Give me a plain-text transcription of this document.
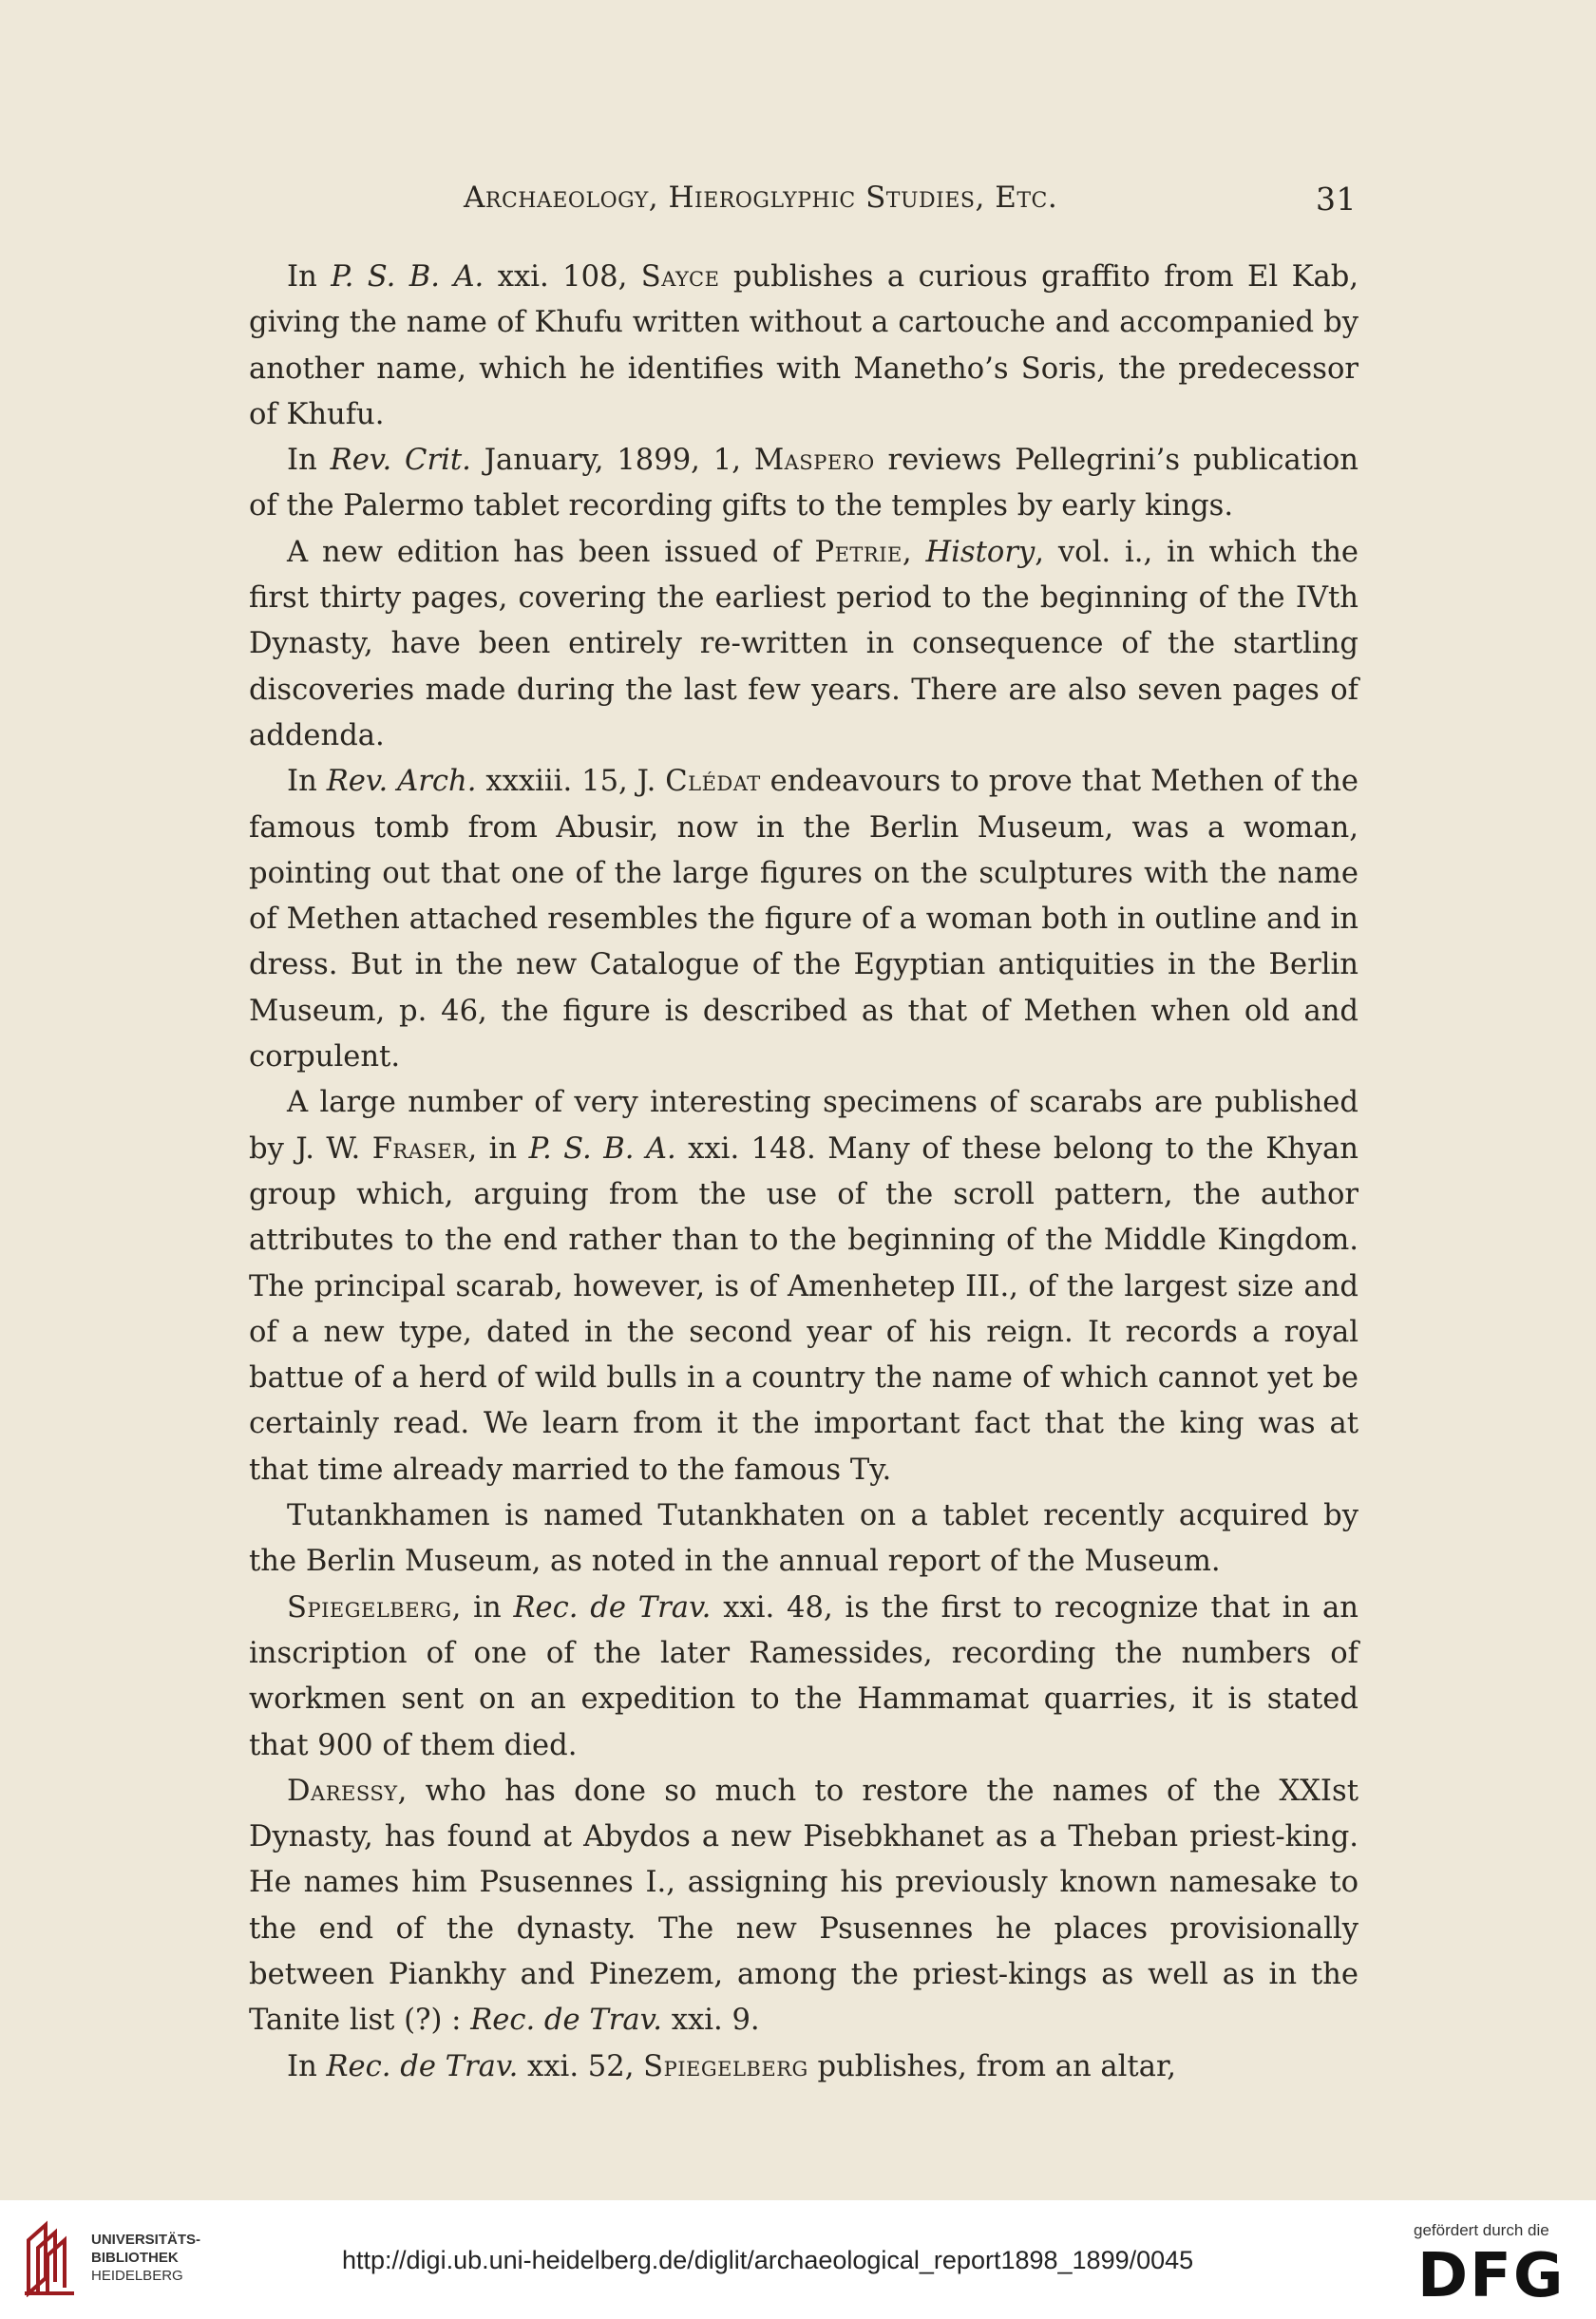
Archaeology, Hieroglyphic Studies, Etc.	31

In P. S. B. A. xxi. 108, Sayce publishes a curious graffito from El Kab, giving the name of Khufu written without a cartouche and accompanied by another name, which he identifies with Manetho’s Soris, the predecessor of Khufu.

In Rev. Crit. January, 1899, 1, Maspero reviews Pellegrini’s publication of the Palermo tablet recording gifts to the temples by early kings.

A new edition has been issued of Petrie, History, vol. i., in which the first thirty pages, covering the earliest period to the beginning of the IVth Dynasty, have been entirely re-written in consequence of the startling discoveries made during the last few years. There are also seven pages of addenda.

In Rev. Arch. xxxiii. 15, J. Clédat endeavours to prove that Methen of the famous tomb from Abusir, now in the Berlin Museum, was a woman, pointing out that one of the large figures on the sculptures with the name of Methen attached resembles the figure of a woman both in outline and in dress. But in the new Catalogue of the Egyptian antiquities in the Berlin Museum, p. 46, the figure is described as that of Methen when old and corpulent.

A large number of very interesting specimens of scarabs are published by J. W. Fraser, in P. S. B. A. xxi. 148. Many of these belong to the Khyan group which, arguing from the use of the scroll pattern, the author attributes to the end rather than to the beginning of the Middle Kingdom. The principal scarab, however, is of Amenhetep III., of the largest size and of a new type, dated in the second year of his reign. It records a royal battue of a herd of wild bulls in a country the name of which cannot yet be certainly read. We learn from it the important fact that the king was at that time already married to the famous Ty.

Tutankhamen is named Tutankhaten on a tablet recently acquired by the Berlin Museum, as noted in the annual report of the Museum.

Spiegelberg, in Rec. de Trav. xxi. 48, is the first to recognize that in an inscription of one of the later Ramessides, recording the numbers of workmen sent on an expedition to the Hammamat quarries, it is stated that 900 of them died.

Daressy, who has done so much to restore the names of the XXIst Dynasty, has found at Abydos a new Pisebkhanet as a Theban priest-king. He names him Psusennes I., assigning his previously known namesake to the end of the dynasty. The new Psusennes he places provisionally between Piankhy and Pinezem, among the priest-kings as well as in the Tanite list (?) : Rec. de Trav. xxi. 9.

In Rec. de Trav. xxi. 52, Spiegelberg publishes, from an altar,

UNIVERSITÄTS-
BIBLIOTHEK
HEIDELBERG
http://digi.ub.uni-heidelberg.de/diglit/archaeological_report1898_1899/0045
gefördert durch die
DFG
